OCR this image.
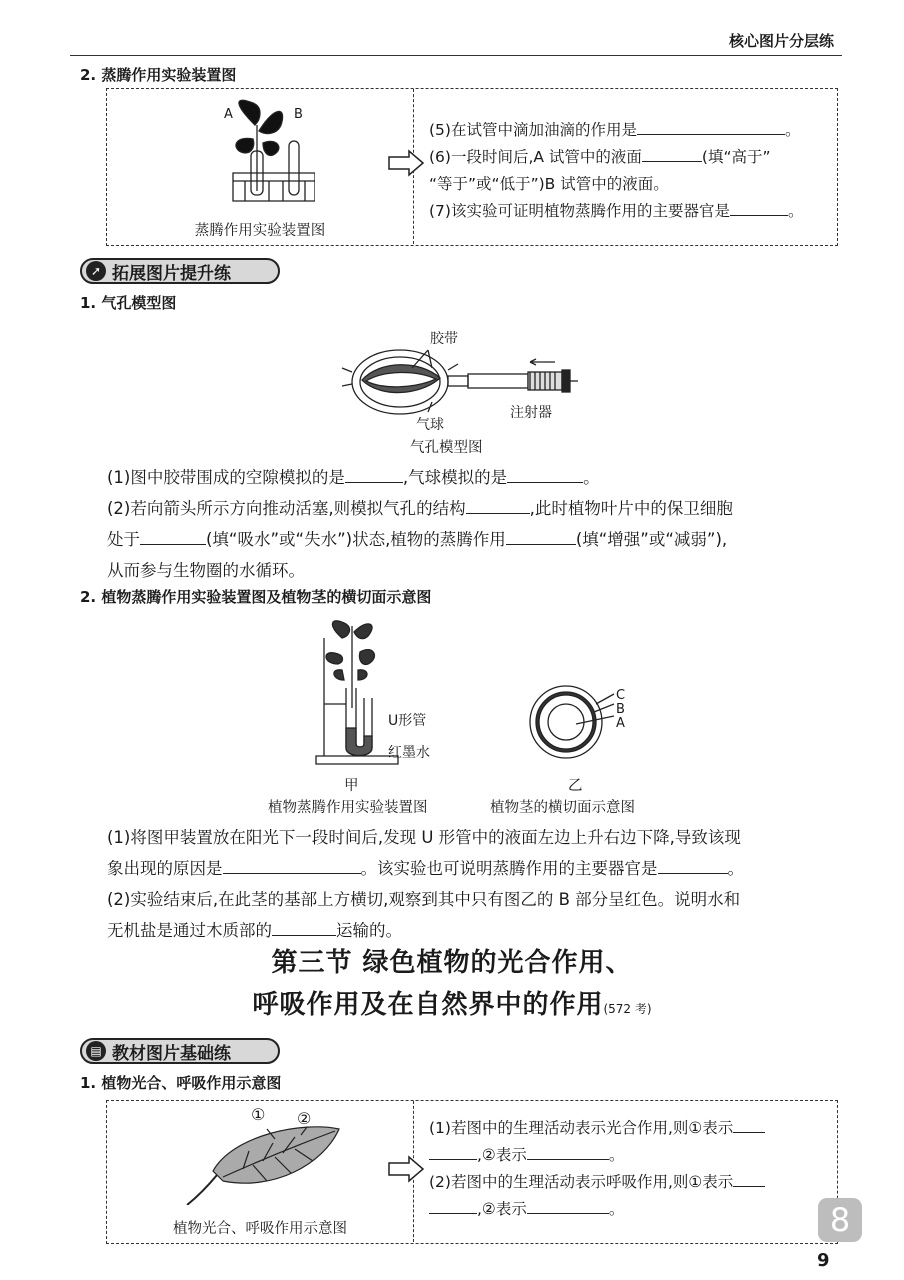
核心图片分层练
2. 蒸腾作用实验装置图
A	B
蒸腾作用实验装置图
(5)在试管中滴加油滴的作用是	。
(6)一段时间后,A 试管中的液面	(填“高于”
“等于”或“低于”)B 试管中的液面。
(7)该实验可证明植物蒸腾作用的主要器官是	。
➚ 拓展图片提升练
1. 气孔模型图
胶带
气球
注射器
气孔模型图
(1)图中胶带围成的空隙模拟的是	,气球模拟的是	。
(2)若向箭头所示方向推动活塞,则模拟气孔的结构	,此时植物叶片中的保卫细胞
处于	(填“吸水”或“失水”)状态,植物的蒸腾作用	(填“增强”或“减弱”),
从而参与生物圈的水循环。
2. 植物蒸腾作用实验装置图及植物茎的横切面示意图
U形管
红墨水
C
B
A
甲	乙
植物蒸腾作用实验装置图	植物茎的横切面示意图
(1)将图甲装置放在阳光下一段时间后,发现 U 形管中的液面左边上升右边下降,导致该现
象出现的原因是	。该实验也可说明蒸腾作用的主要器官是	。
(2)实验结束后,在此茎的基部上方横切,观察到其中只有图乙的 B 部分呈红色。说明水和
无机盐是通过木质部的	运输的。
第三节 绿色植物的光合作用、
呼吸作用及在自然界中的作用(572 考)
▤ 教材图片基础练
1. 植物光合、呼吸作用示意图
① ②
植物光合、呼吸作用示意图
(1)若图中的生理活动表示光合作用,则①表示
,②表示	。
(2)若图中的生理活动表示呼吸作用,则①表示
,②表示	。	8
9
